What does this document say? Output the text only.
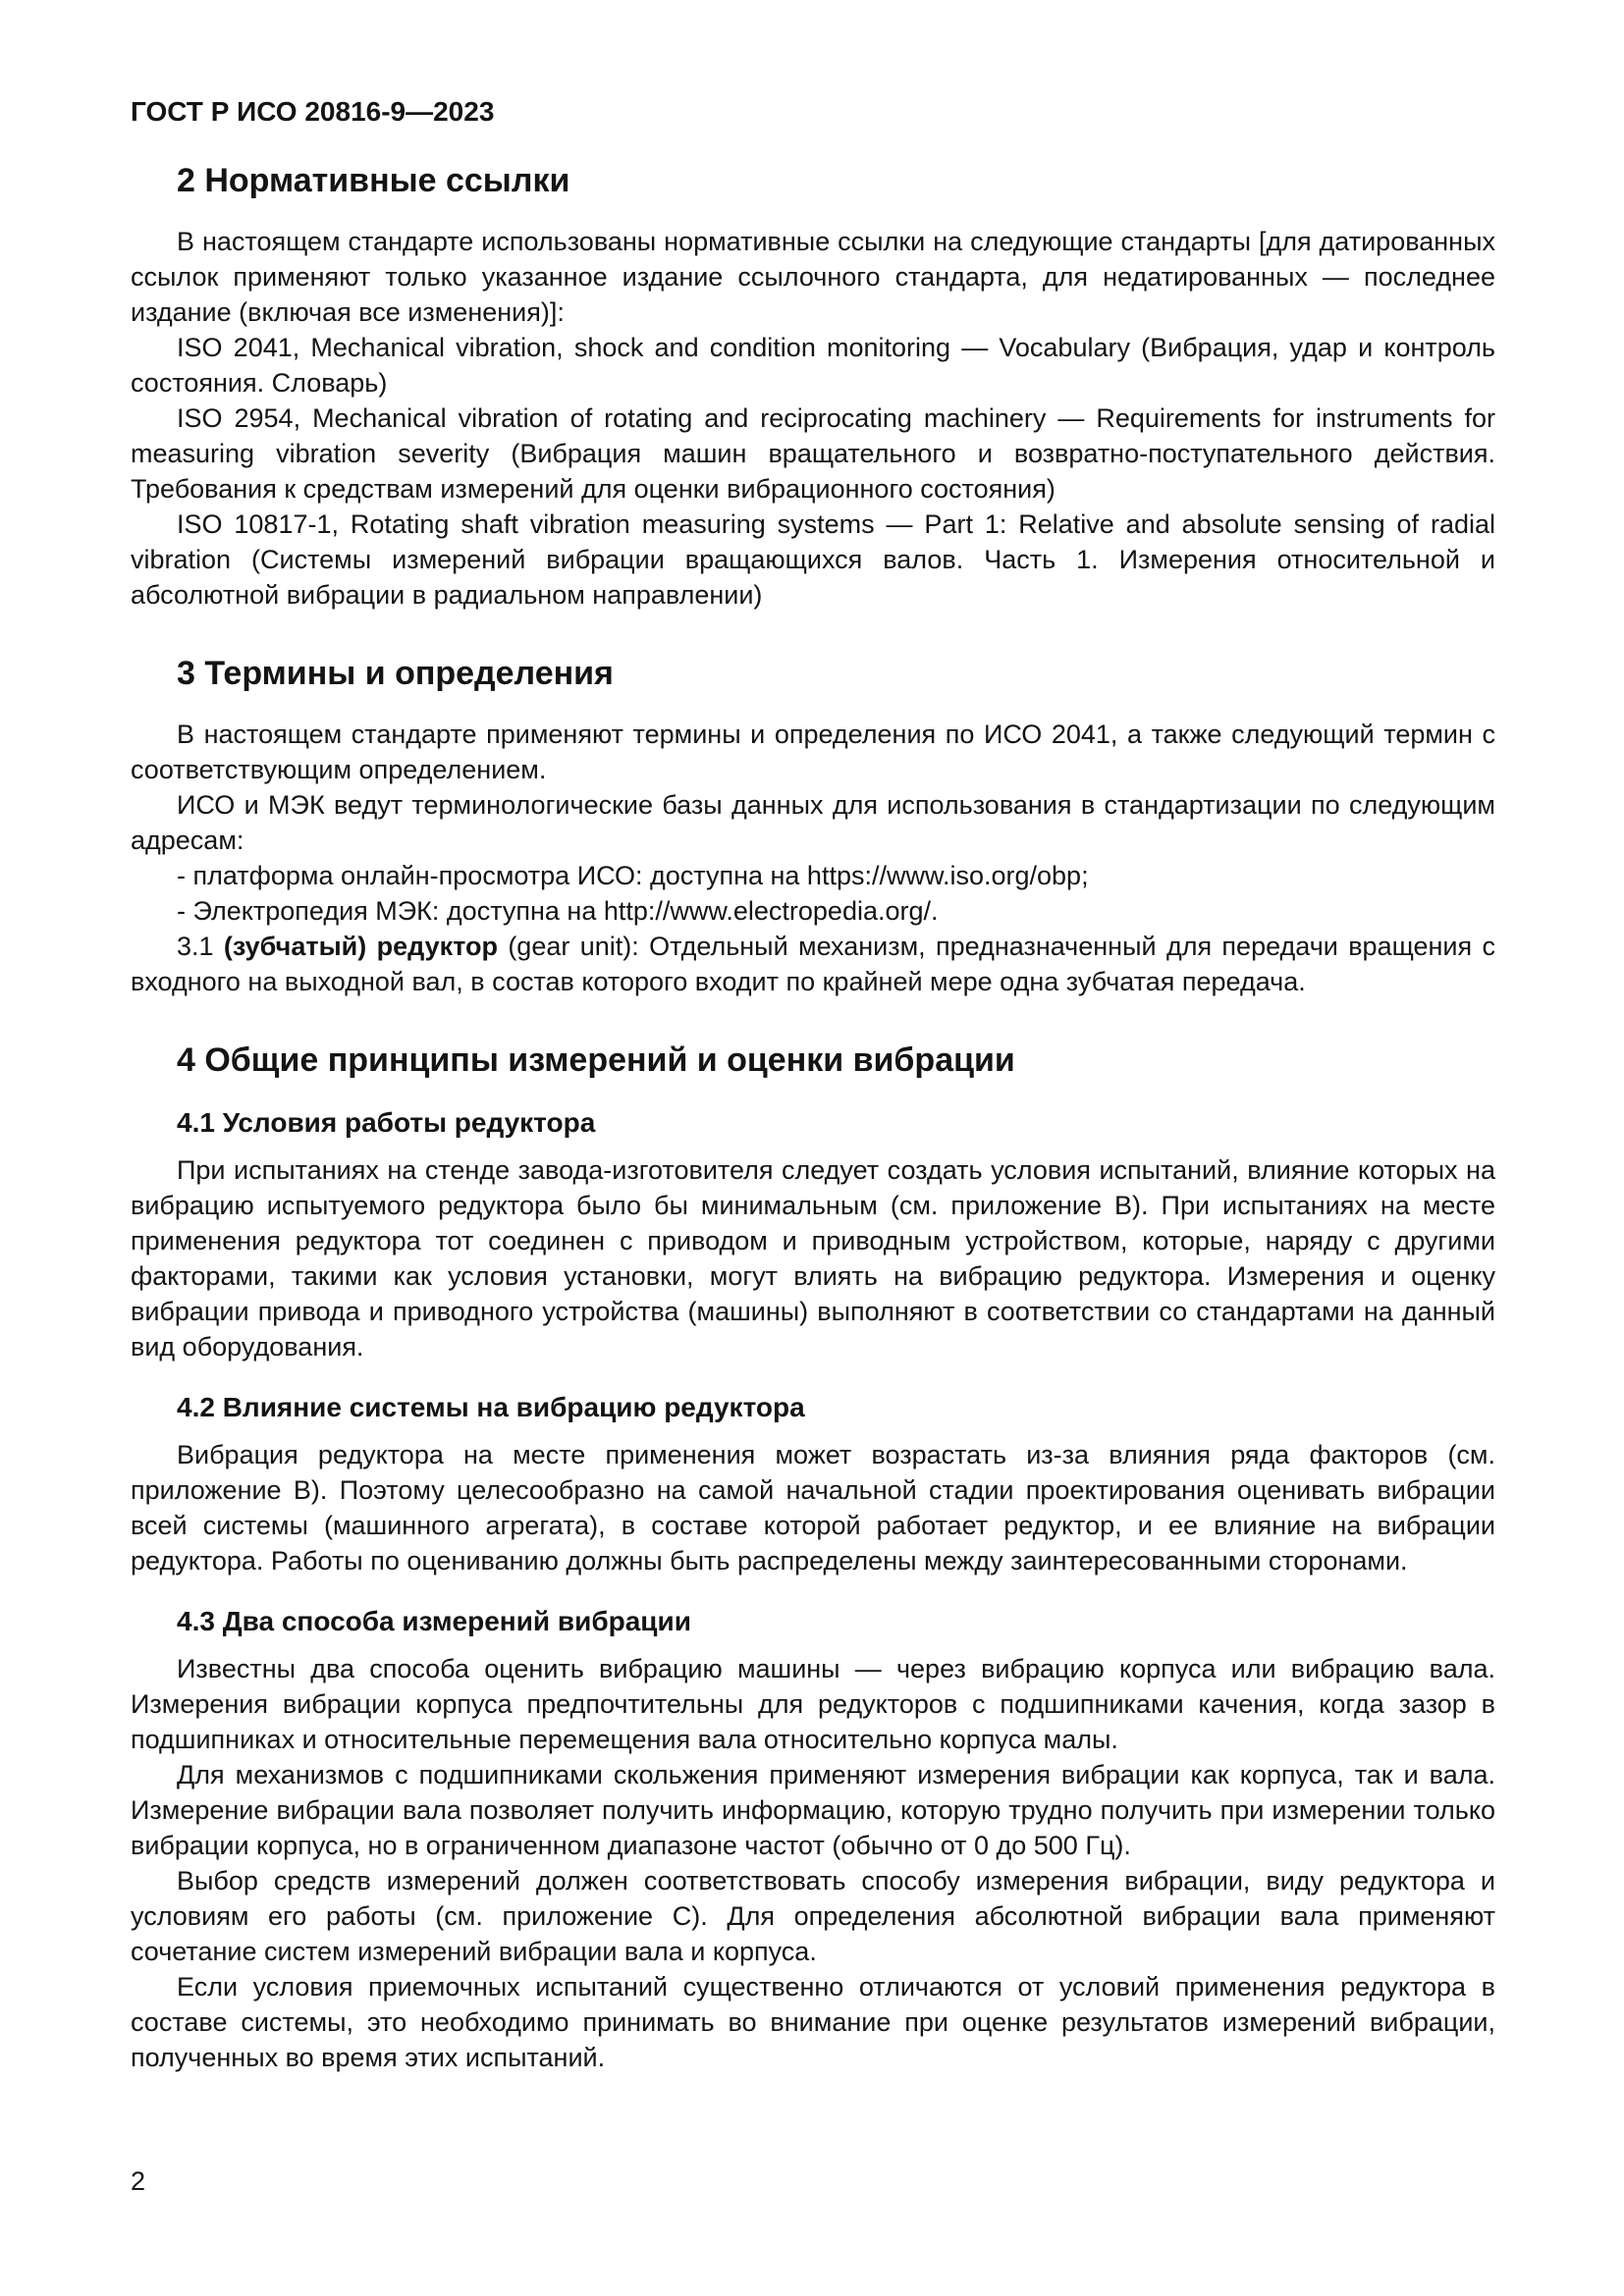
ГОСТ Р ИСО 20816-9—2023
2 Нормативные ссылки

В настоящем стандарте использованы нормативные ссылки на следующие стандарты [для датированных ссылок применяют только указанное издание ссылочного стандарта, для недатированных — последнее издание (включая все изменения)]:

ISO 2041, Mechanical vibration, shock and condition monitoring — Vocabulary (Вибрация, удар и контроль состояния. Словарь)

ISO 2954, Mechanical vibration of rotating and reciprocating machinery — Requirements for instruments for measuring vibration severity (Вибрация машин вращательного и возвратно-поступательного действия. Требования к средствам измерений для оценки вибрационного состояния)

ISO 10817-1, Rotating shaft vibration measuring systems — Part 1: Relative and absolute sensing of radial vibration (Системы измерений вибрации вращающихся валов. Часть 1. Измерения относительной и абсолютной вибрации в радиальном направлении)

3 Термины и определения

В настоящем стандарте применяют термины и определения по ИСО 2041, а также следующий термин с соответствующим определением.

ИСО и МЭК ведут терминологические базы данных для использования в стандартизации по следующим адресам:

- платформа онлайн-просмотра ИСО: доступна на https://www.iso.org/obp;

- Электропедия МЭК: доступна на http://www.electropedia.org/.

3.1 (зубчатый) редуктор (gear unit): Отдельный механизм, предназначенный для передачи вращения с входного на выходной вал, в состав которого входит по крайней мере одна зубчатая передача.

4 Общие принципы измерений и оценки вибрации
4.1 Условия работы редуктора

При испытаниях на стенде завода-изготовителя следует создать условия испытаний, влияние которых на вибрацию испытуемого редуктора было бы минимальным (см. приложение B). При испытаниях на месте применения редуктора тот соединен с приводом и приводным устройством, которые, наряду с другими факторами, такими как условия установки, могут влиять на вибрацию редуктора. Измерения и оценку вибрации привода и приводного устройства (машины) выполняют в соответствии со стандартами на данный вид оборудования.

4.2 Влияние системы на вибрацию редуктора

Вибрация редуктора на месте применения может возрастать из-за влияния ряда факторов (см. приложение B). Поэтому целесообразно на самой начальной стадии проектирования оценивать вибрации всей системы (машинного агрегата), в составе которой работает редуктор, и ее влияние на вибрации редуктора. Работы по оцениванию должны быть распределены между заинтересованными сторонами.

4.3 Два способа измерений вибрации

Известны два способа оценить вибрацию машины — через вибрацию корпуса или вибрацию вала. Измерения вибрации корпуса предпочтительны для редукторов с подшипниками качения, когда зазор в подшипниках и относительные перемещения вала относительно корпуса малы.

Для механизмов с подшипниками скольжения применяют измерения вибрации как корпуса, так и вала. Измерение вибрации вала позволяет получить информацию, которую трудно получить при измерении только вибрации корпуса, но в ограниченном диапазоне частот (обычно от 0 до 500 Гц).

Выбор средств измерений должен соответствовать способу измерения вибрации, виду редуктора и условиям его работы (см. приложение C). Для определения абсолютной вибрации вала применяют сочетание систем измерений вибрации вала и корпуса.

Если условия приемочных испытаний существенно отличаются от условий применения редуктора в составе системы, это необходимо принимать во внимание при оценке результатов измерений вибрации, полученных во время этих испытаний.

2
